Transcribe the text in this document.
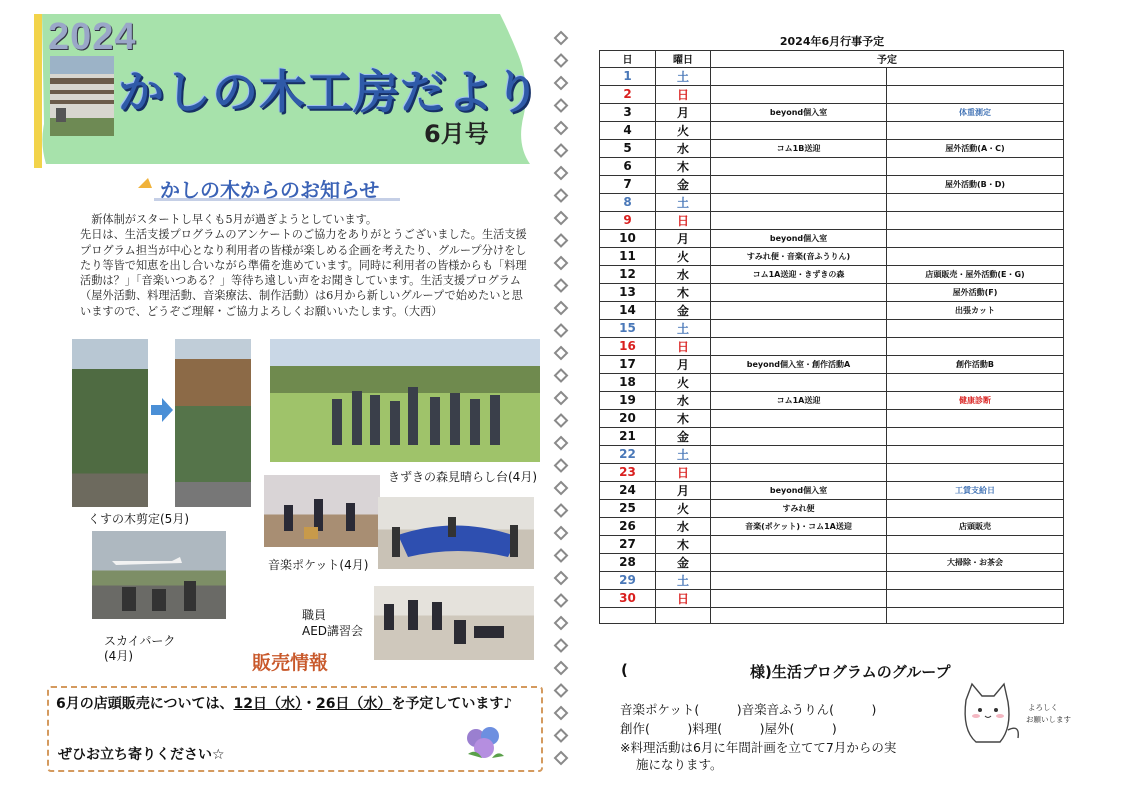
2024
かしの木工房だより
6月号
かしの木からのお知らせ

新体制がスタートし早くも5月が過ぎようとしています。

先日は、生活支援プログラムのアンケートのご協力をありがとうございました。生活支援プログラム担当が中心となり利用者の皆様が楽しめる企画を考えたり、グループ分けをしたり等皆で知恵を出し合いながら準備を進めています。同時に利用者の皆様からも「料理活動は？」「音楽いつある？」等待ち遠しい声をお聞きしています。生活支援プログラム（屋外活動、料理活動、音楽療法、制作活動）は6月から新しいグループで始めたいと思いますので、どうぞご理解・ご協力よろしくお願いいたします。（大西）

きずきの森見晴らし台(4月)
くすの木剪定(5月)
音楽ポケット(4月)
スカイパーク
(4月)
職員
AED講習会
販売情報
6月の店頭販売については、12日（水）・26日（水）を予定しています♪
ぜひお立ち寄りください☆
2024年6月行事予定
日	曜日	予定	
1	土		
2	日		
3	月	beyond個入室	体重測定
4	火		
5	水	コム1B送迎	屋外活動(A・C)
6	木		
7	金		屋外活動(B・D)
8	土		
9	日		
10	月	beyond個入室	
11	火	すみれ便・音楽(音ふうりん)	
12	水	コム1A送迎・きずきの森	店頭販売・屋外活動(E・G)
13	木		屋外活動(F)
14	金		出張カット
15	土		
16	日		
17	月	beyond個入室・創作活動A	創作活動B
18	火		
19	水	コム1A送迎	健康診断
20	木		
21	金		
22	土		
23	日		
24	月	beyond個入室	工賃支給日
25	火	すみれ便	
26	水	音楽(ポケット)・コム1A送迎	店頭販売
27	木		
28	金		大掃除・お茶会
29	土		
30	日		

(	様)生活プログラムのグループ
音楽ポケット(　　　)音楽音ふうりん(　　　)
創作(　　　)料理(　　　)屋外(　　　)
※料理活動は6月に年間計画を立てて7月からの実
施になります。
よろしく
お願いします
